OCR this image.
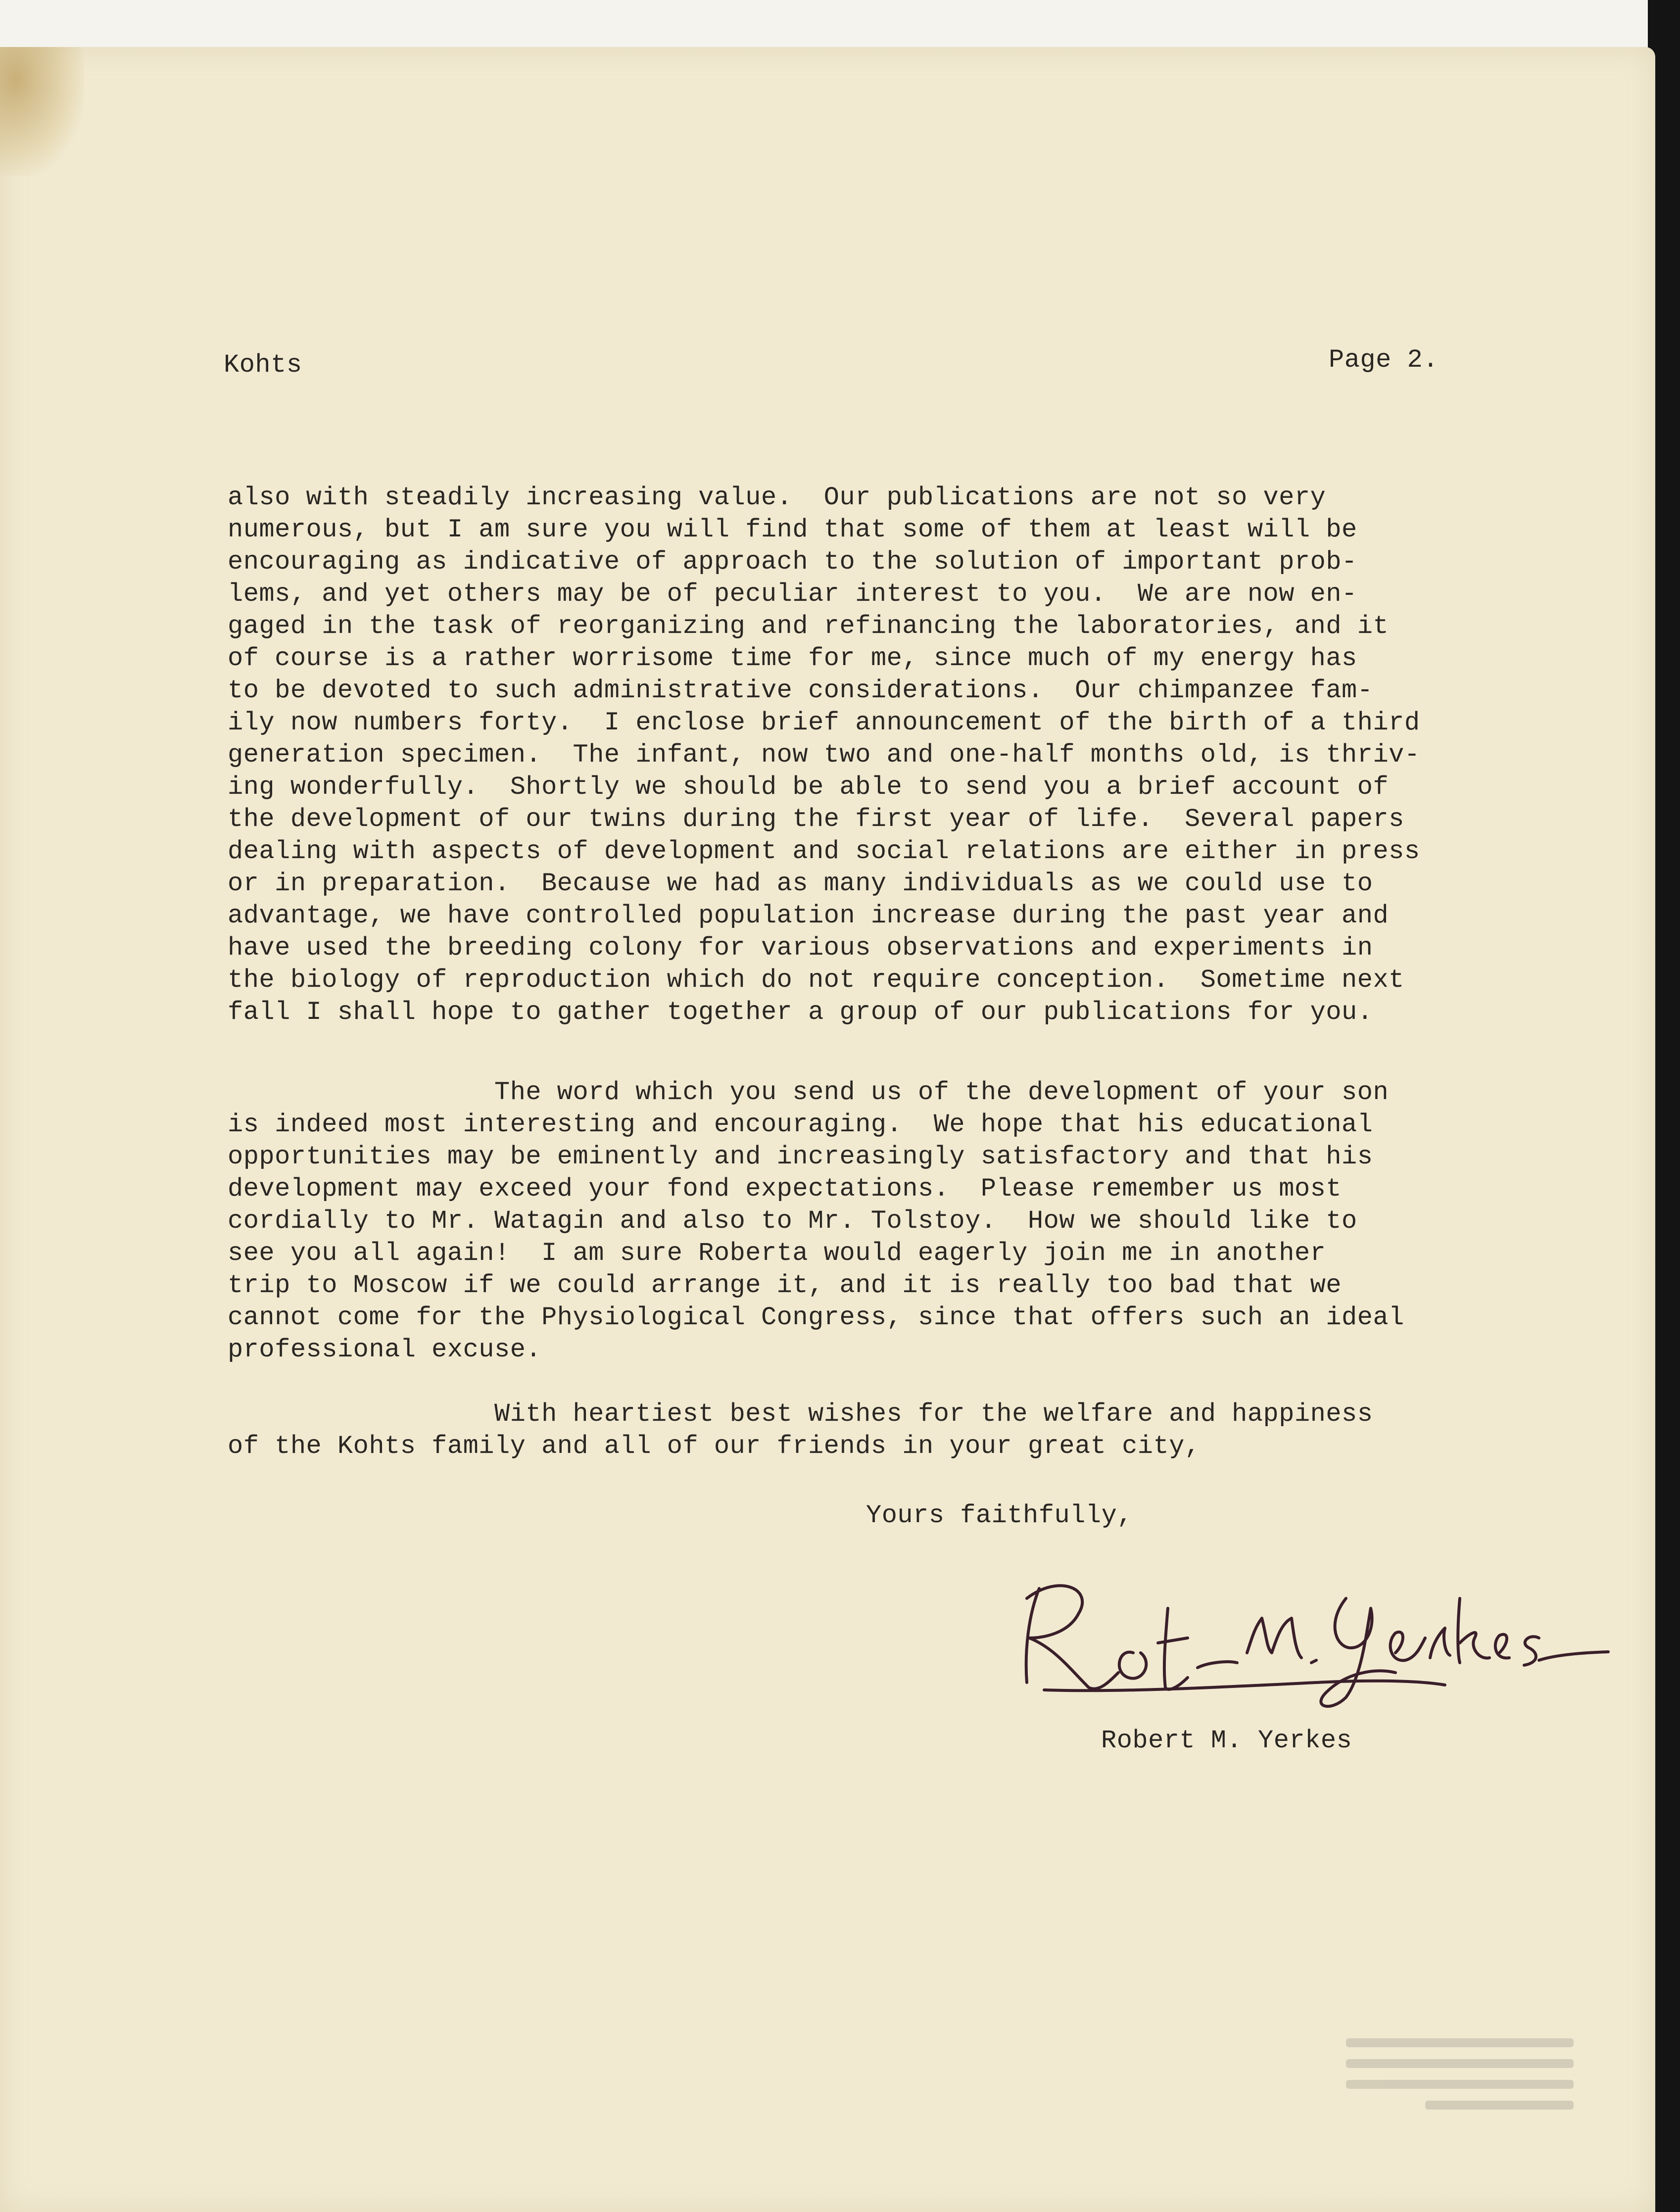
Kohts	Page 2.
also with steadily increasing value.  Our publications are not so very
numerous, but I am sure you will find that some of them at least will be
encouraging as indicative of approach to the solution of important prob-
lems, and yet others may be of peculiar interest to you.  We are now en-
gaged in the task of reorganizing and refinancing the laboratories, and it
of course is a rather worrisome time for me, since much of my energy has
to be devoted to such administrative considerations.  Our chimpanzee fam-
ily now numbers forty.  I enclose brief announcement of the birth of a third
generation specimen.  The infant, now two and one-half months old, is thriv-
ing wonderfully.  Shortly we should be able to send you a brief account of
the development of our twins during the first year of life.  Several papers
dealing with aspects of development and social relations are either in press
or in preparation.  Because we had as many individuals as we could use to
advantage, we have controlled population increase during the past year and
have used the breeding colony for various observations and experiments in
the biology of reproduction which do not require conception.  Sometime next
fall I shall hope to gather together a group of our publications for you.
The word which you send us of the development of your son
is indeed most interesting and encouraging.  We hope that his educational
opportunities may be eminently and increasingly satisfactory and that his
development may exceed your fond expectations.  Please remember us most
cordially to Mr. Watagin and also to Mr. Tolstoy.  How we should like to
see you all again!  I am sure Roberta would eagerly join me in another
trip to Moscow if we could arrange it, and it is really too bad that we
cannot come for the Physiological Congress, since that offers such an ideal
professional excuse.
With heartiest best wishes for the welfare and happiness
of the Kohts family and all of our friends in your great city,
Yours faithfully,
Robert M. Yerkes
